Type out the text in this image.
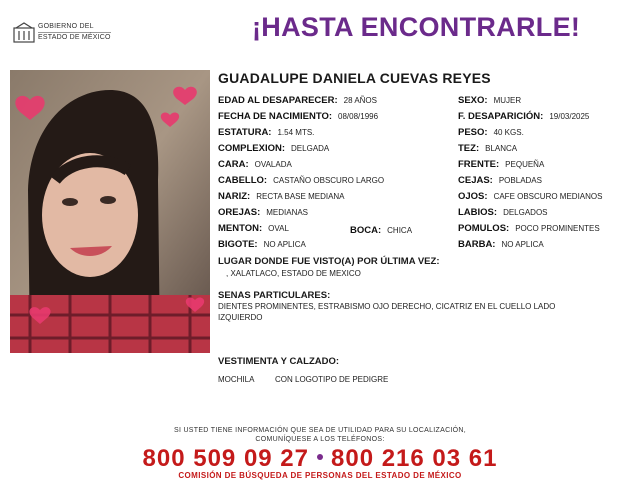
GOBIERNO DEL
ESTADO DE MÉXICO	¡HASTA ENCONTRARLE!
GUADALUPE DANIELA CUEVAS REYES
EDAD AL DESAPARECER: 28 AÑOS
FECHA DE NACIMIENTO: 08/08/1996
ESTATURA: 1.54 MTS.
COMPLEXION: DELGADA
CARA: OVALADA
CABELLO: CASTAÑO OBSCURO LARGO
NARIZ: RECTA BASE MEDIANA
OREJAS: MEDIANAS
MENTON: OVAL	BOCA: CHICA
BIGOTE: NO APLICA
SEXO: MUJER
F. DESAPARICIÓN: 19/03/2025
PESO: 40 KGS.
TEZ: BLANCA
FRENTE: PEQUEÑA
CEJAS: POBLADAS
OJOS: CAFE OBSCURO MEDIANOS
LABIOS: DELGADOS
POMULOS: POCO PROMINENTES
BARBA: NO APLICA
LUGAR DONDE FUE VISTO(A) POR ÚLTIMA VEZ:
, XALATLACO, ESTADO DE MEXICO
SENAS PARTICULARES:
DIENTES PROMINENTES, ESTRABISMO OJO DERECHO, CICATRIZ EN EL CUELLO LADO
IZQUIERDO
VESTIMENTA Y CALZADO:
MOCHILA	CON LOGOTIPO DE PEDIGRE
SI USTED TIENE INFORMACIÓN QUE SEA DE UTILIDAD PARA SU LOCALIZACIÓN,
COMUNÍQUESE A LOS TELÉFONOS:
800 509 09 27 800 216 03 61
COMISIÓN DE BÚSQUEDA DE PERSONAS DEL ESTADO DE MÉXICO
